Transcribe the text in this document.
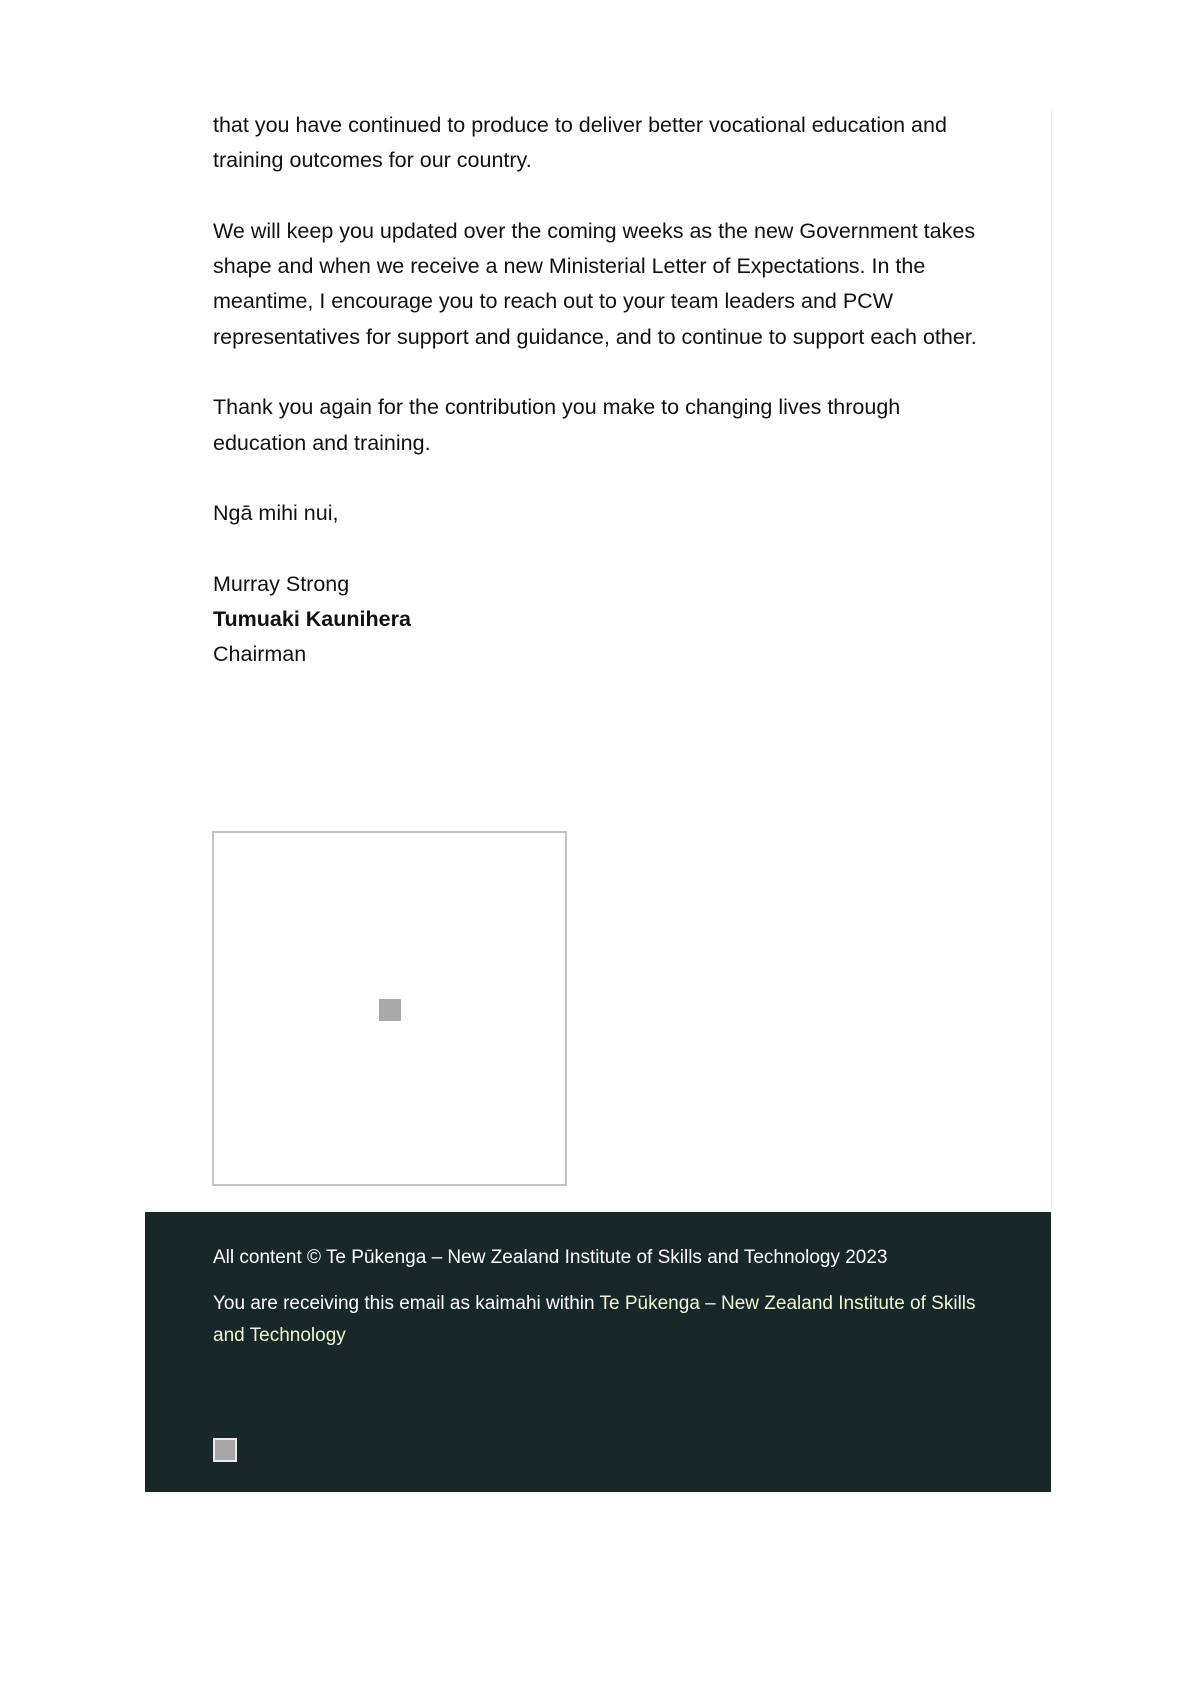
that you have continued to produce to deliver better vocational education and training outcomes for our country.

We will keep you updated over the coming weeks as the new Government takes shape and when we receive a new Ministerial Letter of Expectations. In the meantime, I encourage you to reach out to your team leaders and PCW representatives for support and guidance, and to continue to support each other.

Thank you again for the contribution you make to changing lives through education and training.

Ngā mihi nui,

Murray Strong
Tumuaki Kaunihera
Chairman

All content © Te Pūkenga – New Zealand Institute of Skills and Technology 2023
You are receiving this email as kaimahi within Te Pūkenga – New Zealand Institute of Skills and Technology
